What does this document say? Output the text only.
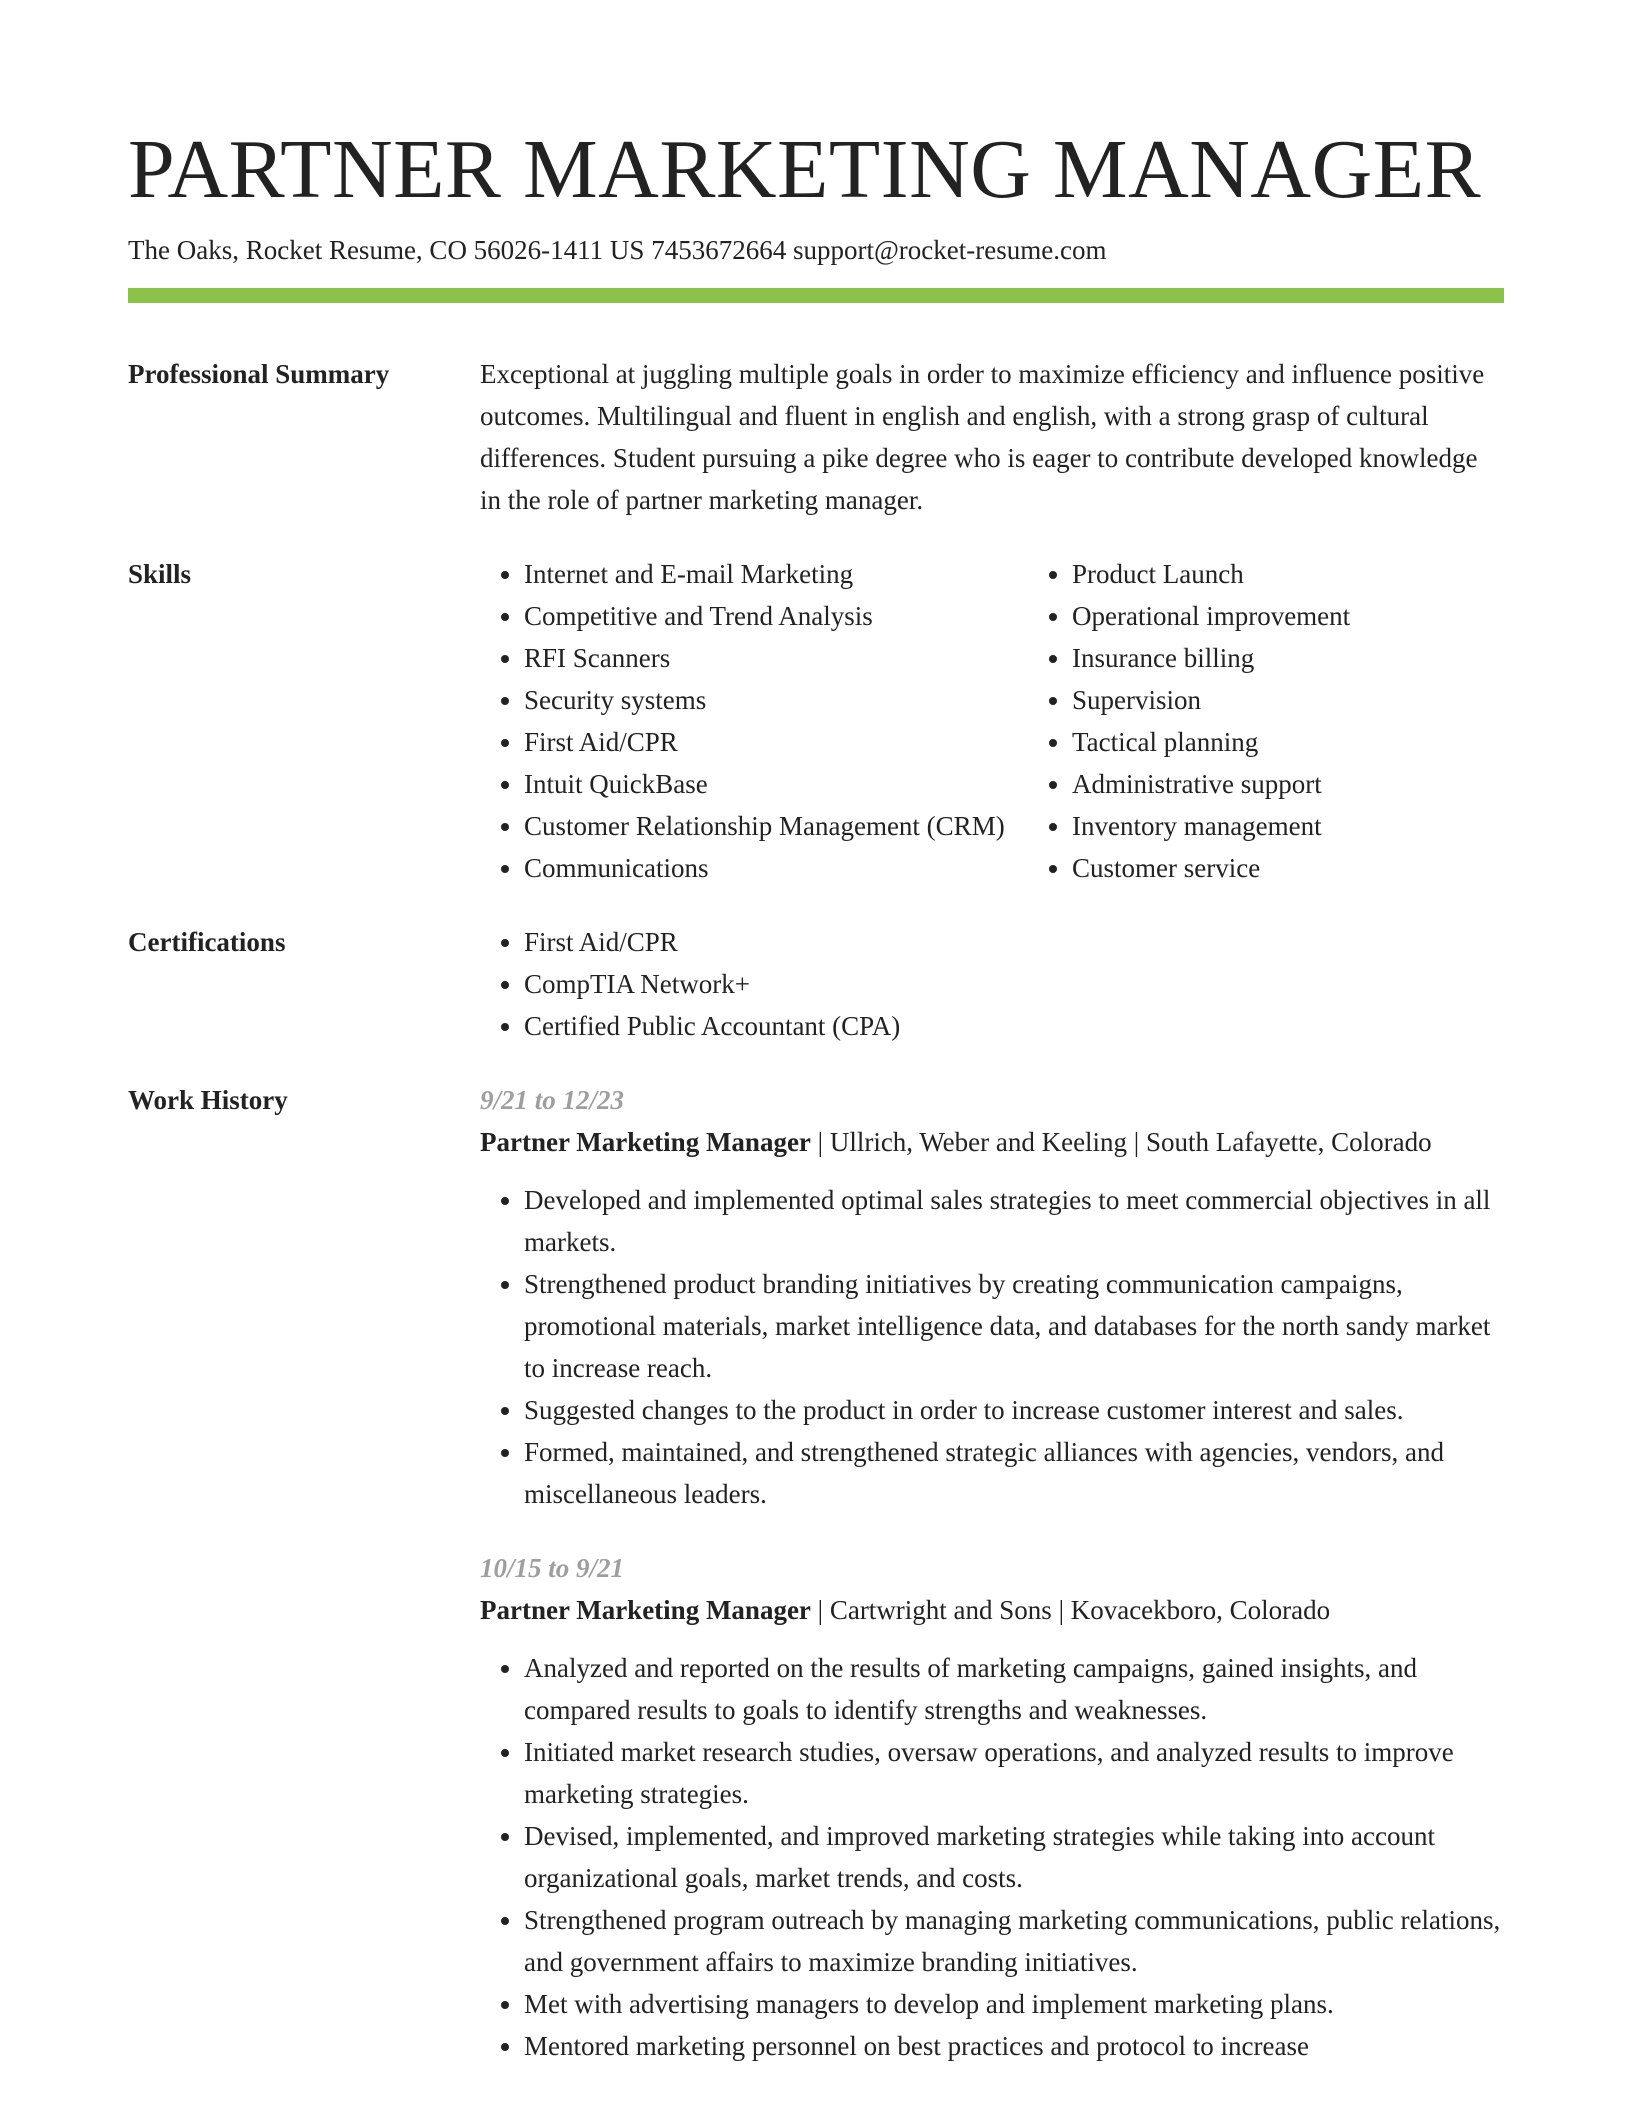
PARTNER MARKETING MANAGER
The Oaks, Rocket Resume, CO 56026-1411 US 7453672664 support@rocket-resume.com
Professional Summary	Exceptional at juggling multiple goals in order to maximize efficiency and influence positive outcomes. Multilingual and fluent in english and english, with a strong grasp of cultural differences. Student pursuing a pike degree who is eager to contribute developed knowledge in the role of partner marketing manager.
Skills	• Internet and E-mail Marketing
• Competitive and Trend Analysis
• RFI Scanners
• Security systems
• First Aid/CPR
• Intuit QuickBase
• Customer Relationship Management (CRM)
• Communications
• Product Launch
• Operational improvement
• Insurance billing
• Supervision
• Tactical planning
• Administrative support
• Inventory management
• Customer service
Certifications	• First Aid/CPR
• CompTIA Network+
• Certified Public Accountant (CPA)
Work History	9/21 to 12/23
Partner Marketing Manager | Ullrich, Weber and Keeling | South Lafayette, Colorado
• Developed and implemented optimal sales strategies to meet commercial objectives in all markets.
• Strengthened product branding initiatives by creating communication campaigns, promotional materials, market intelligence data, and databases for the north sandy market to increase reach.
• Suggested changes to the product in order to increase customer interest and sales.
• Formed, maintained, and strengthened strategic alliances with agencies, vendors, and miscellaneous leaders.
10/15 to 9/21
Partner Marketing Manager | Cartwright and Sons | Kovacekboro, Colorado
• Analyzed and reported on the results of marketing campaigns, gained insights, and compared results to goals to identify strengths and weaknesses.
• Initiated market research studies, oversaw operations, and analyzed results to improve marketing strategies.
• Devised, implemented, and improved marketing strategies while taking into account organizational goals, market trends, and costs.
• Strengthened program outreach by managing marketing communications, public relations, and government affairs to maximize branding initiatives.
• Met with advertising managers to develop and implement marketing plans.
• Mentored marketing personnel on best practices and protocol to increase
